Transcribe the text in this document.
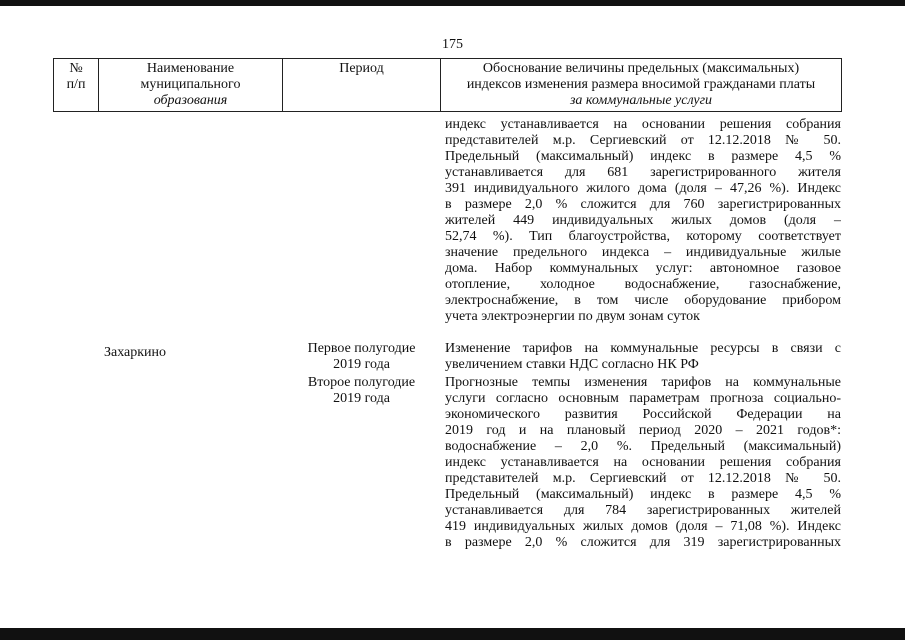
175
№
п/п
Наименование
муниципального
образования
Период	Обоснование величины предельных (максимальных)
индексов изменения размера вносимой гражданами платы
за коммунальные услуги
индекс устанавливается на основании решения собрания
представителей м.р. Сергиевский от 12.12.2018 № 50.
Предельный (максимальный) индекс в размере 4,5 %
устанавливается для 681 зарегистрированного жителя
391 индивидуального жилого дома (доля – 47,26 %). Индекс
в размере 2,0 % сложится для 760 зарегистрированных
жителей 449 индивидуальных жилых домов (доля –
52,74 %). Тип благоустройства, которому соответствует
значение предельного индекса – индивидуальные жилые
дома. Набор коммунальных услуг: автономное газовое
отопление, холодное водоснабжение, газоснабжение,
электроснабжение, в том числе оборудование прибором
учета электроэнергии по двум зонам суток
Захаркино	Первое полугодие
2019 года
Второе полугодие
2019 года
Изменение тарифов на коммунальные ресурсы в связи с
увеличением ставки НДС согласно НК РФ
Прогнозные темпы изменения тарифов на коммунальные
услуги согласно основным параметрам прогноза социально-
экономического развития Российской Федерации на
2019 год и на плановый период 2020 – 2021 годов*:
водоснабжение – 2,0 %. Предельный (максимальный)
индекс устанавливается на основании решения собрания
представителей м.р. Сергиевский от 12.12.2018 № 50.
Предельный (максимальный) индекс в размере 4,5 %
устанавливается для 784 зарегистрированных жителей
419 индивидуальных жилых домов (доля – 71,08 %). Индекс
в размере 2,0 % сложится для 319 зарегистрированных
